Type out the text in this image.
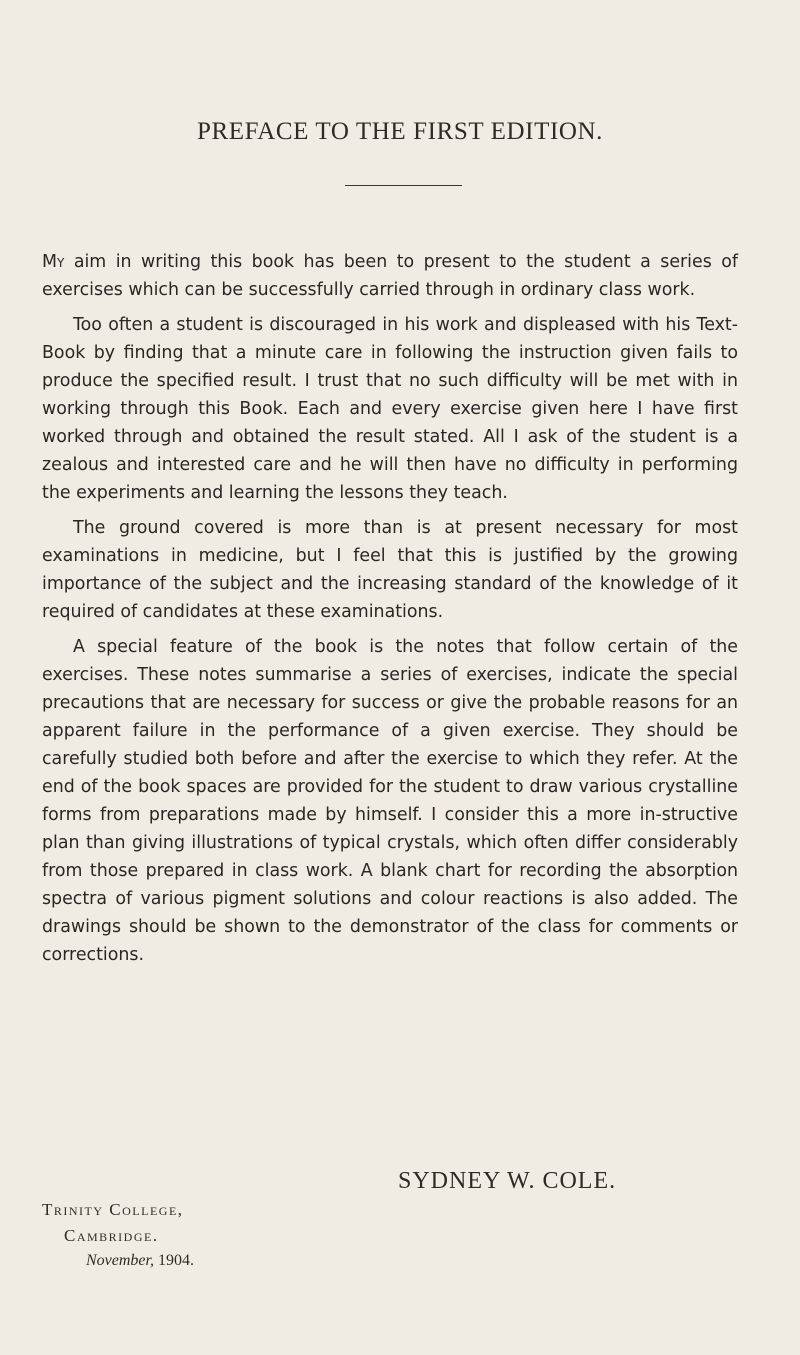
PREFACE TO THE FIRST EDITION.

My aim in writing this book has been to present to the student a series of exercises which can be successfully carried through in ordinary class work.

Too often a student is discouraged in his work and displeased with his Text-Book by finding that a minute care in following the instruction given fails to produce the specified result. I trust that no such difficulty will be met with in working through this Book. Each and every exercise given here I have first worked through and obtained the result stated. All I ask of the student is a zealous and interested care and he will then have no difficulty in performing the experiments and learning the lessons they teach.

The ground covered is more than is at present necessary for most examinations in medicine, but I feel that this is justified by the growing importance of the subject and the increasing standard of the knowledge of it required of candidates at these examinations.

A special feature of the book is the notes that follow certain of the exercises. These notes summarise a series of exercises, indicate the special precautions that are necessary for success or give the probable reasons for an apparent failure in the performance of a given exercise. They should be carefully studied both before and after the exercise to which they refer. At the end of the book spaces are provided for the student to draw various crystalline forms from preparations made by himself. I consider this a more in-structive plan than giving illustrations of typical crystals, which often differ considerably from those prepared in class work. A blank chart for recording the absorption spectra of various pigment solutions and colour reactions is also added. The drawings should be shown to the demonstrator of the class for comments or corrections.

SYDNEY W. COLE.
Trinity College,
Cambridge.
November, 1904.
